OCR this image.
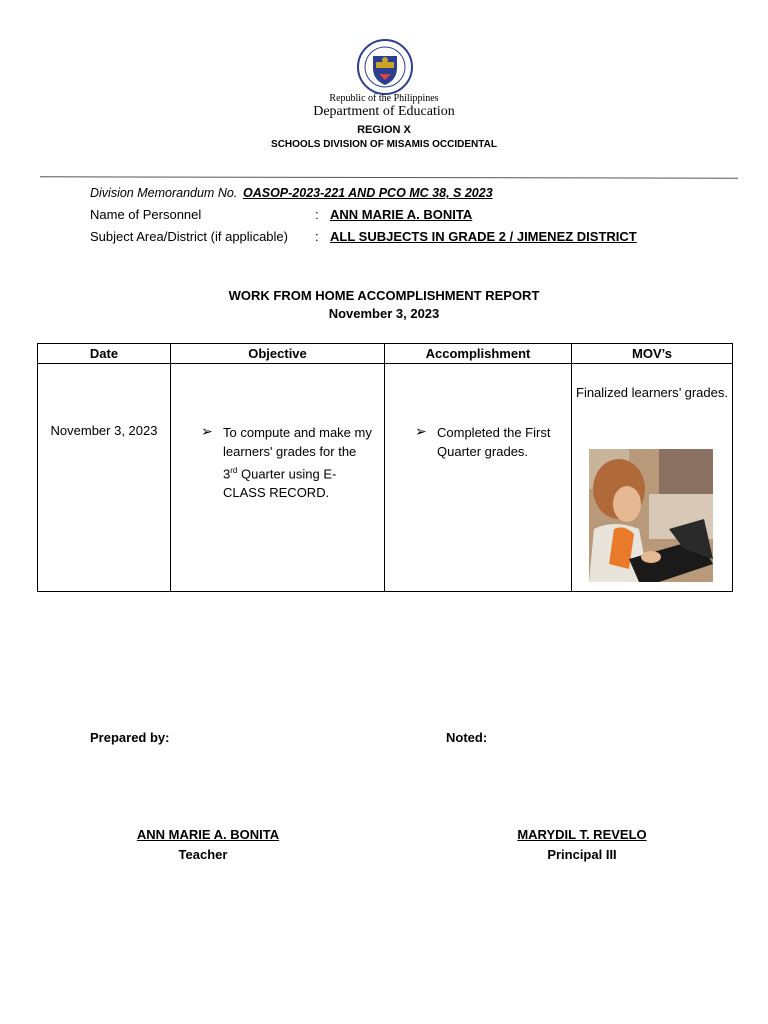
Republic of the Philippines
Department of Education
REGION X
SCHOOLS DIVISION OF MISAMIS OCCIDENTAL
Division Memorandum No. OASOP-2023-221 AND PCO MC 38, S 2023
Name of Personnel	: ANN MARIE A. BONITA
Subject Area/District (if applicable) : ALL SUBJECTS IN GRADE 2 / JIMENEZ DISTRICT
WORK FROM HOME ACCOMPLISHMENT REPORT
November 3, 2023
Date	Objective	Accomplishment	MOV’s

November 3, 2023	➢ To compute and make my learners' grades for the 3rd Quarter using E-CLASS RECORD.	➢ Completed the First Quarter grades.	Finalized learners’ grades.
Prepared by:	Noted:
ANN MARIE A. BONITA
Teacher
MARYDIL T. REVELO
Principal III
